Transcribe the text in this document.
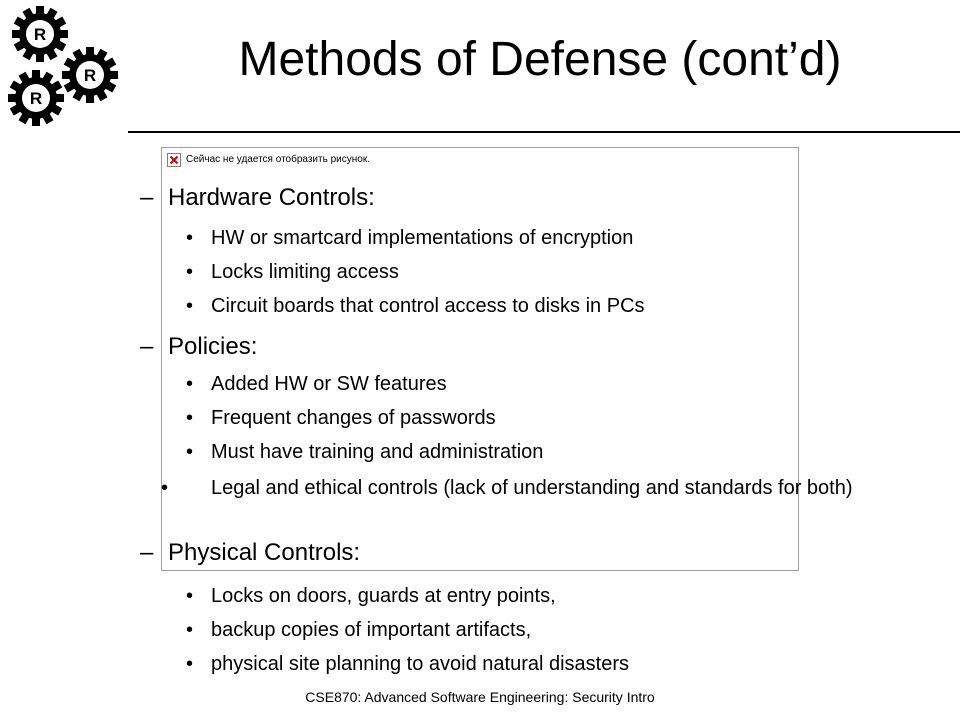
R
R
R
Methods of Defense (cont’d)
Сейчас не удается отобразить рисунок.
– Hardware Controls:
• HW or smartcard implementations of encryption
• Locks limiting access
• Circuit boards that control access to disks in PCs
– Policies:
• Added HW or SW features
• Frequent changes of passwords
• Must have training and administration
• Legal and ethical controls (lack of understanding and standards for both)
– Physical Controls:
• Locks on doors, guards at entry points,
• backup copies of important artifacts,
• physical site planning to avoid natural disasters
CSE870: Advanced Software Engineering: Security Intro
